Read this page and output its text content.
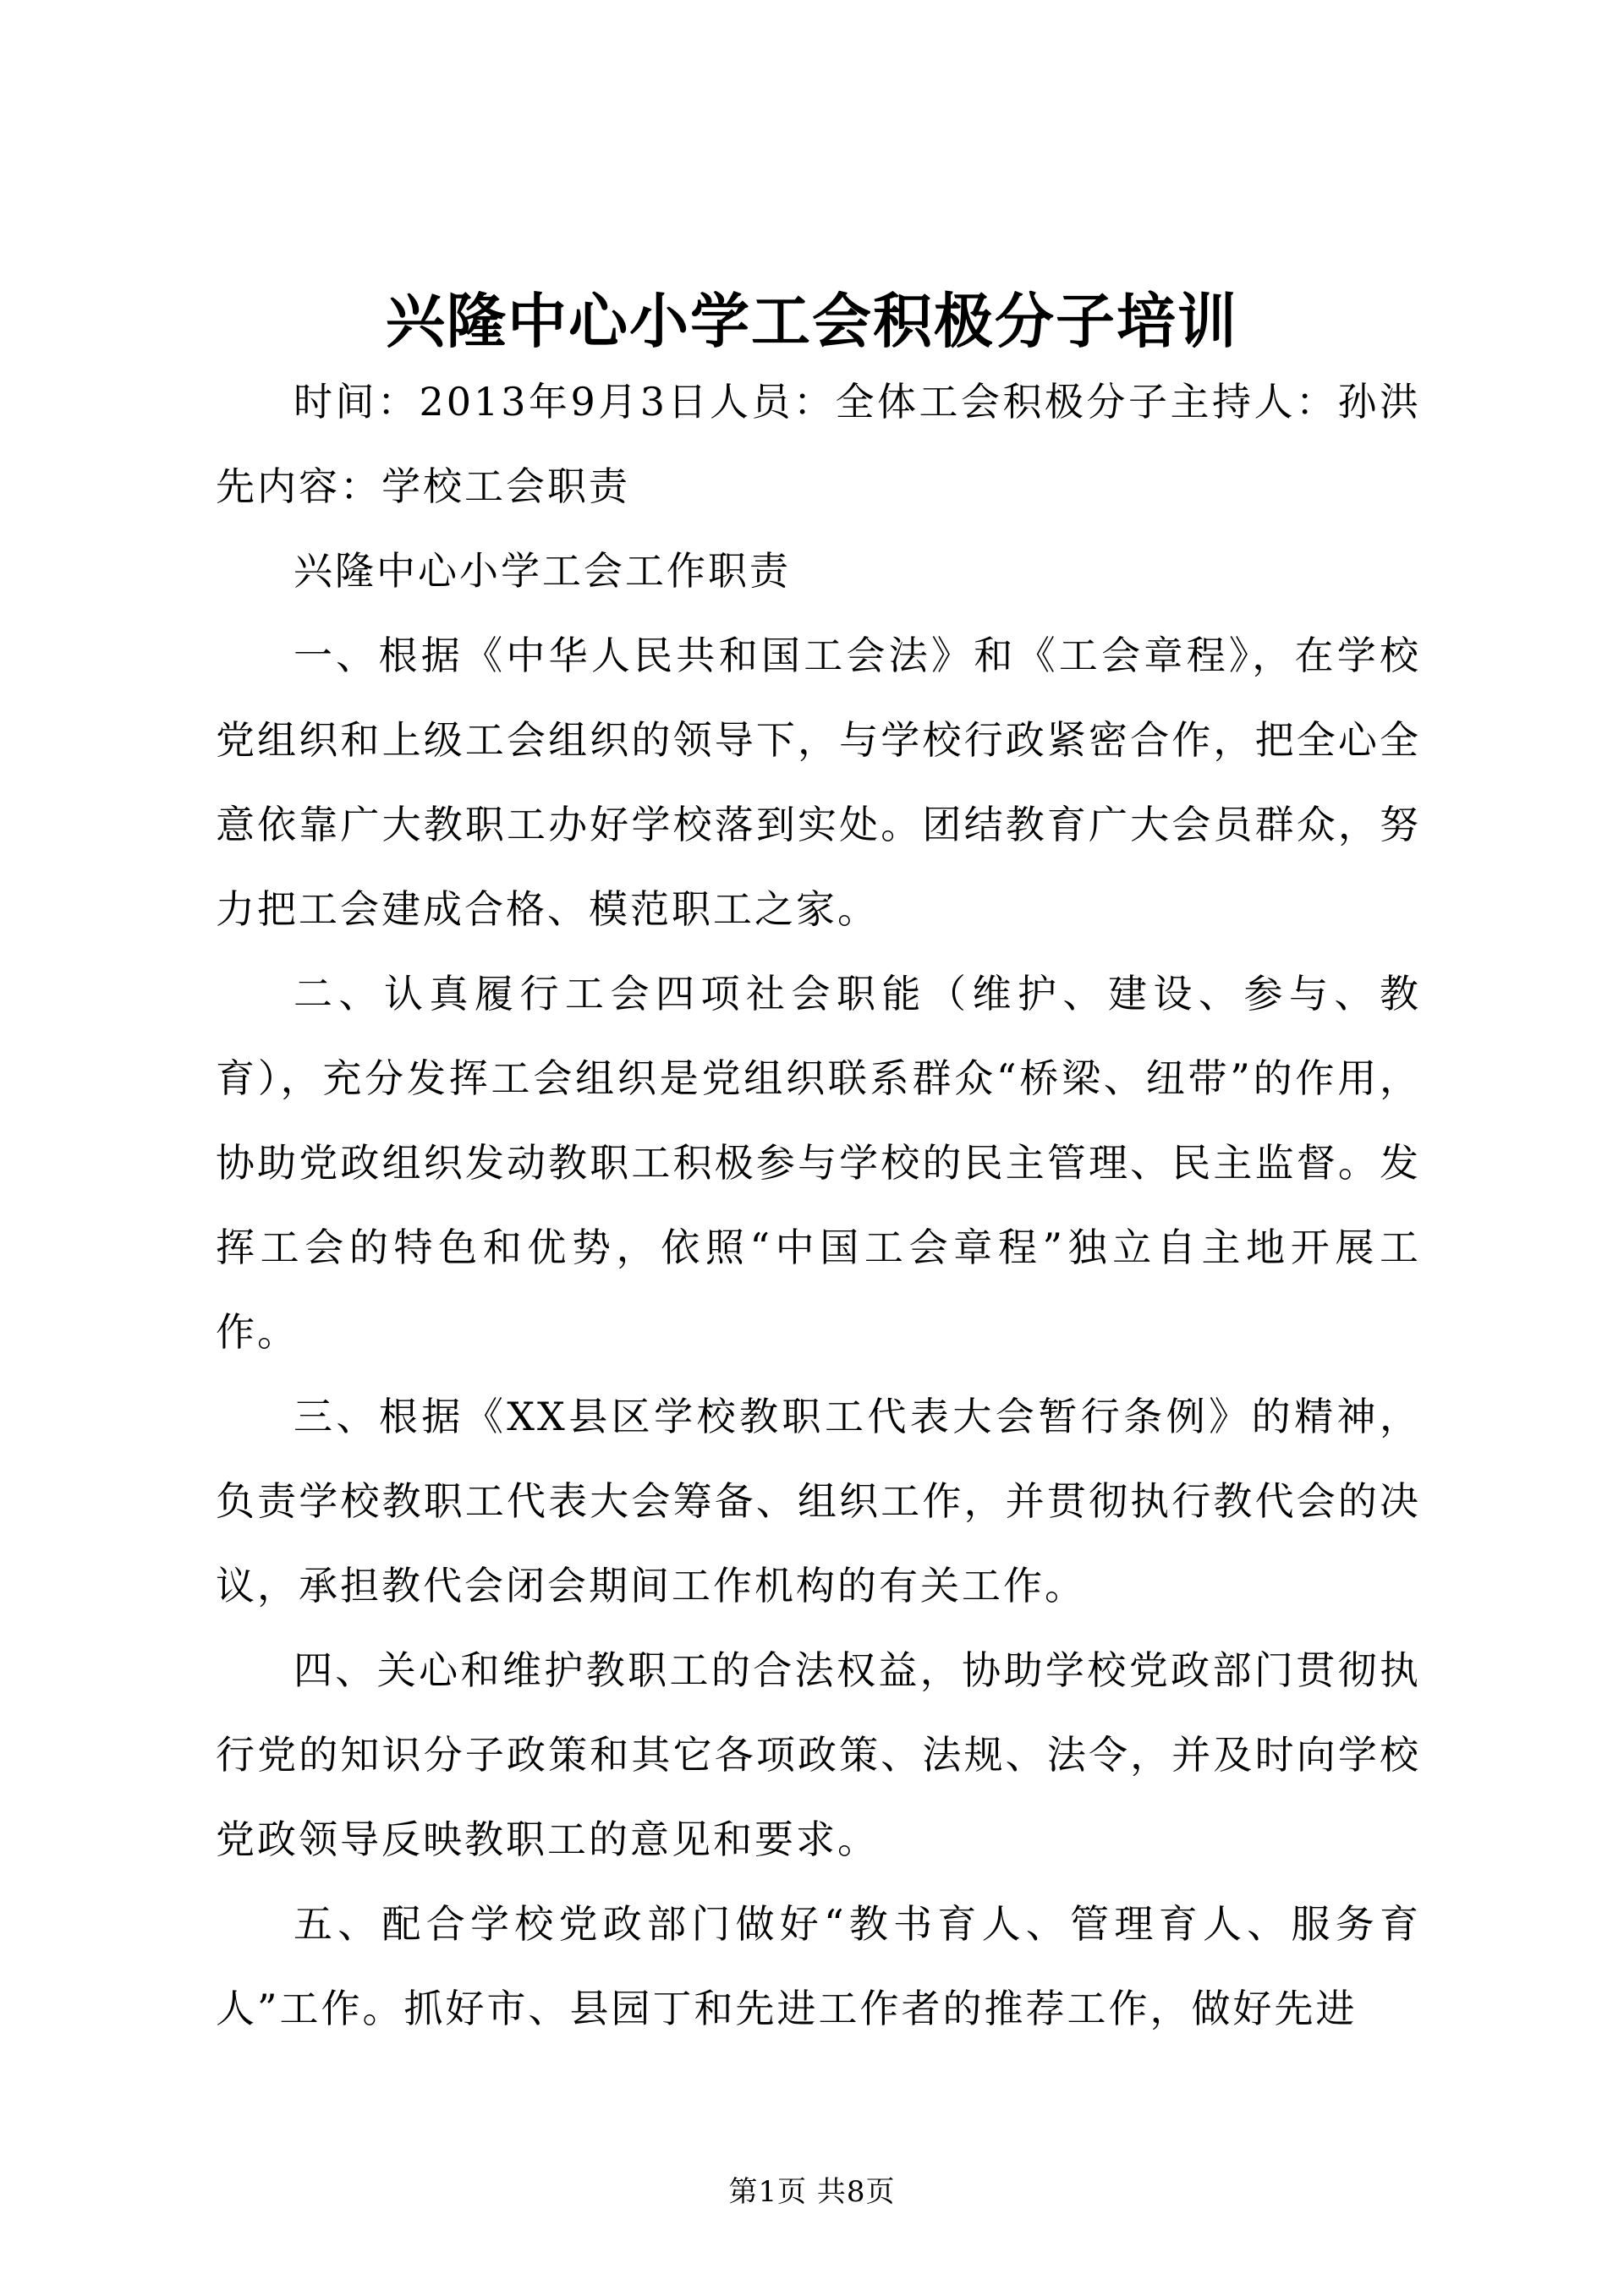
兴隆中心小学工会积极分子培训

时间：2013年9月3日人员：全体工会积极分子主持人：孙洪先内容：学校工会职责

兴隆中心小学工会工作职责

一、根据《中华人民共和国工会法》和《工会章程》，在学校党组织和上级工会组织的领导下，与学校行政紧密合作，把全心全意依靠广大教职工办好学校落到实处。团结教育广大会员群众，努力把工会建成合格、模范职工之家。

二、认真履行工会四项社会职能（维护、建设、参与、教育），充分发挥工会组织是党组织联系群众“桥梁、纽带”的作用，协助党政组织发动教职工积极参与学校的民主管理、民主监督。发挥工会的特色和优势，依照“中国工会章程”独立自主地开展工作。

三、根据《XX县区学校教职工代表大会暂行条例》的精神，负责学校教职工代表大会筹备、组织工作，并贯彻执行教代会的决议，承担教代会闭会期间工作机构的有关工作。

四、关心和维护教职工的合法权益，协助学校党政部门贯彻执行党的知识分子政策和其它各项政策、法规、法令，并及时向学校党政领导反映教职工的意见和要求。

五、配合学校党政部门做好“教书育人、管理育人、服务育人”工作。抓好市、县园丁和先进工作者的推荐工作，做好先进

第1页 共8页
